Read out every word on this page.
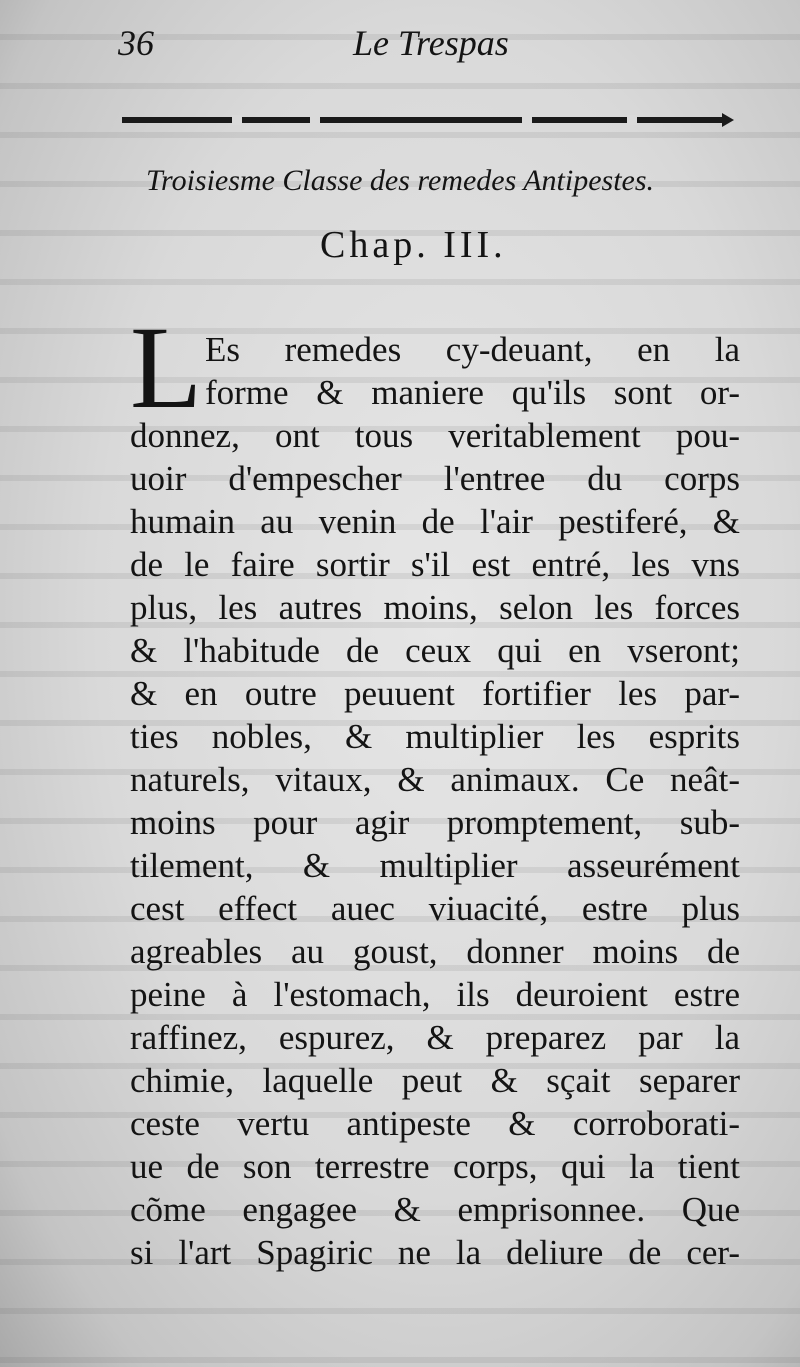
36	Le Trespas
Troisiesme Classe des remedes Antipestes.
Chap. III.
L Es remedes cy-deuant, en la
forme & maniere qu'ils sont or-
donnez, ont tous veritablement pou-
uoir d'empescher l'entree du corps
humain au venin de l'air pestiferé, &
de le faire sortir s'il est entré, les vns
plus, les autres moins, selon les forces
& l'habitude de ceux qui en vseront;
& en outre peuuent fortifier les par-
ties nobles, & multiplier les esprits
naturels, vitaux, & animaux. Ce neât-
moins pour agir promptement, sub-
tilement, & multiplier asseurément
cest effect auec viuacité, estre plus
agreables au goust, donner moins de
peine à l'estomach, ils deuroient estre
raffinez, espurez, & preparez par la
chimie, laquelle peut & sçait separer
ceste vertu antipeste & corroborati-
ue de son terrestre corps, qui la tient
cõme engagee & emprisonnee. Que
si l'art Spagiric ne la deliure de cer-
